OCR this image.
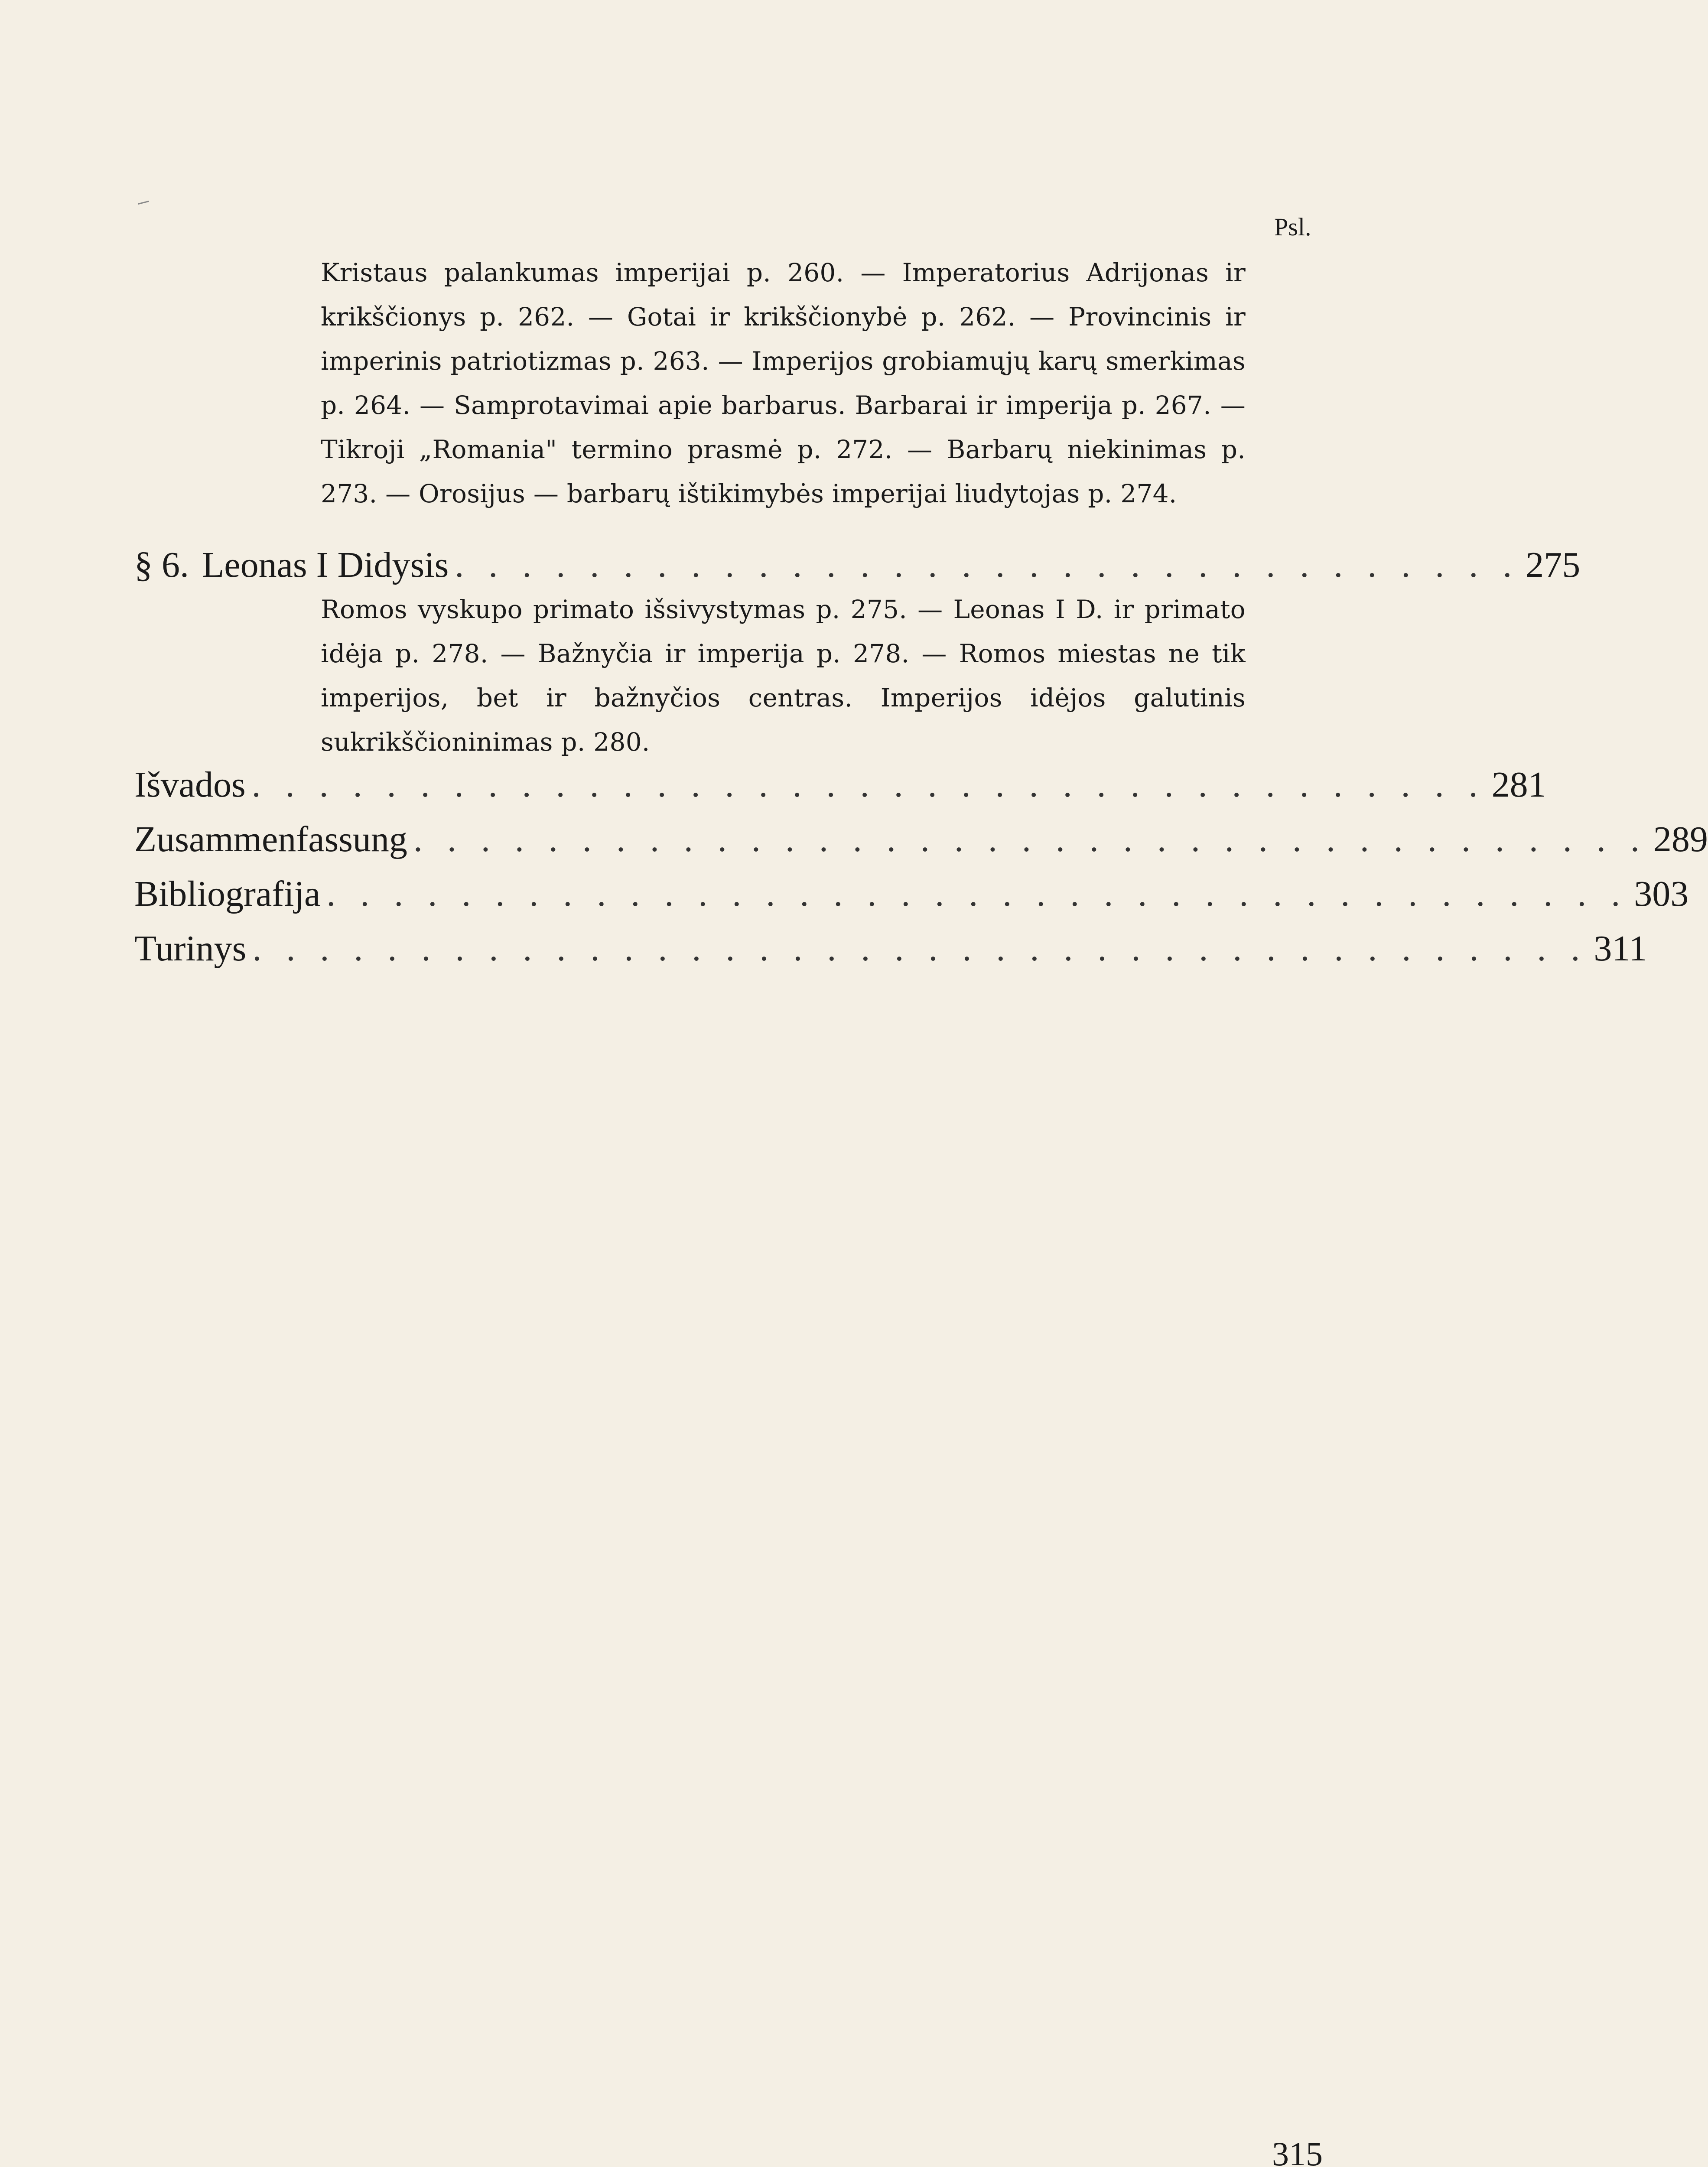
Psl.
Kristaus palankumas imperijai p. 260. — Imperatorius Adrijonas ir krikščionys p. 262. — Gotai ir krikščionybė p. 262. — Provincinis ir imperinis patriotizmas p. 263. — Imperijos grobiamųjų karų smerkimas p. 264. — Samprotavimai apie barbarus. Barbarai ir imperija p. 267. — Tikroji „Romania" termino prasmė p. 272. — Barbarų niekinimas p. 273. — Orosijus — barbarų ištikimybės imperijai liudytojas p. 274.
§ 6. Leonas I Didysis . . . . . . . . . . . . . . . . . . . . . . . . . . . . . . . . 275
Romos vyskupo primato išsivystymas p. 275. — Leonas I D. ir primato idėja p. 278. — Bažnyčia ir imperija p. 278. — Romos miestas ne tik imperijos, bet ir bažnyčios centras. Imperijos idėjos galutinis sukrikščioninimas p. 280.
Išvados . . . . . . . . . . . . . . . . . . . . . . . . . . . . . . . . . . . . . 281
Zusammenfassung . . . . . . . . . . . . . . . . . . . . . . . . . . . . . . . . . . . . . 289
Bibliografija . . . . . . . . . . . . . . . . . . . . . . . . . . . . . . . . . . . . . . . 303
Turinys . . . . . . . . . . . . . . . . . . . . . . . . . . . . . . . . . . . . . . . . 311
315
